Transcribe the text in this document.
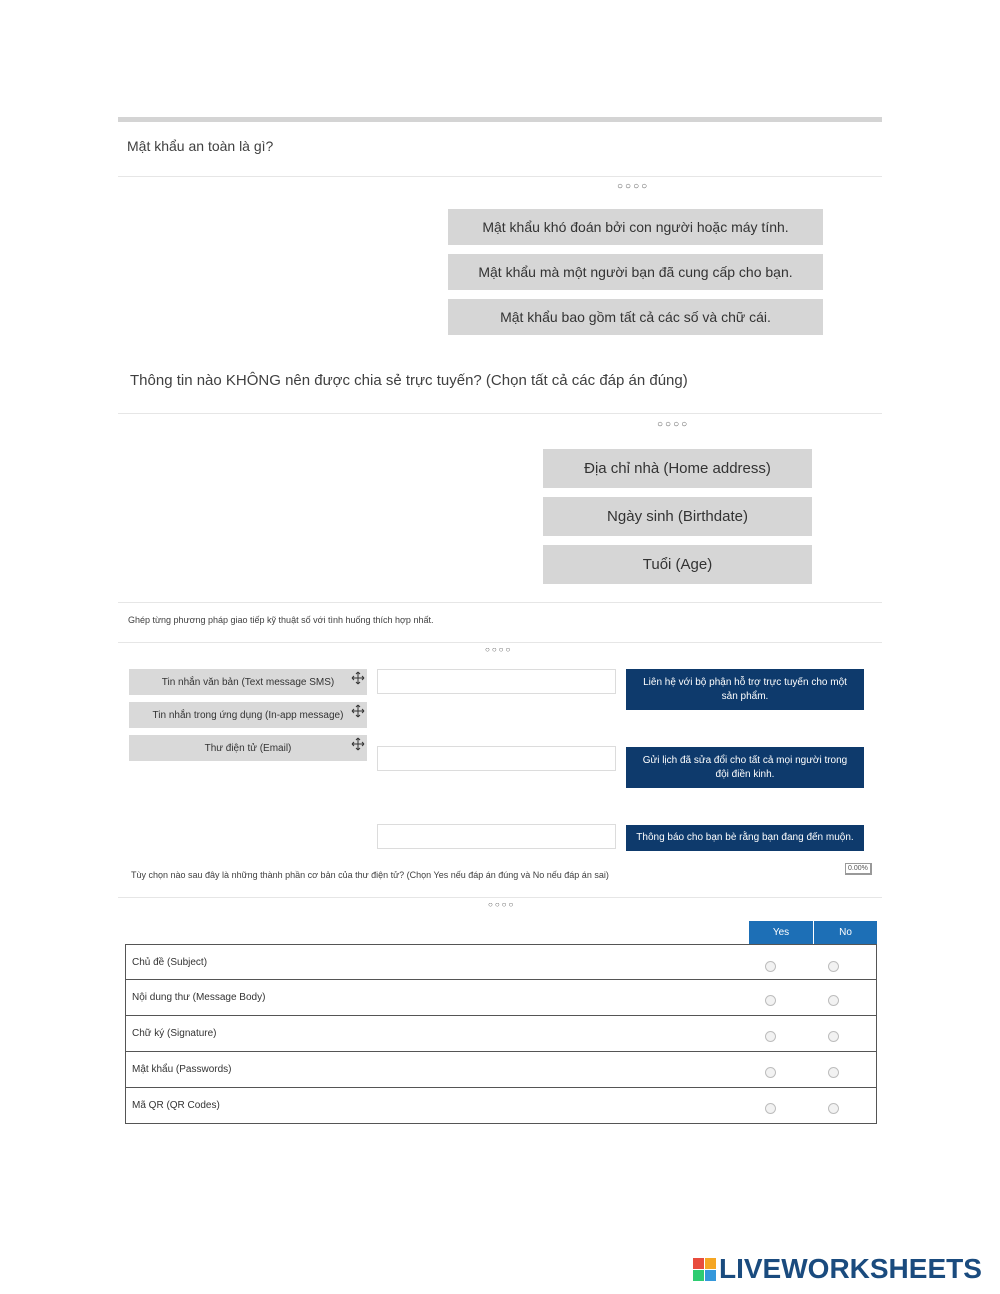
Mật khẩu an toàn là gì?
○○○○
Mật khẩu khó đoán bởi con người hoặc máy tính.
Mật khẩu mà một người bạn đã cung cấp cho bạn.
Mật khẩu bao gồm tất cả các số và chữ cái.
Thông tin nào KHÔNG nên được chia sẻ trực tuyến? (Chọn tất cả các đáp án đúng)
○○○○
Địa chỉ nhà (Home address)
Ngày sinh (Birthdate)
Tuổi (Age)
Ghép từng phương pháp giao tiếp kỹ thuật số với tình huống thích hợp nhất.
○○○○
Tin nhắn văn bản (Text message SMS)
Tin nhắn trong ứng dụng (In-app message)
Thư điện tử (Email)
Liên hệ với bộ phận hỗ trợ trực tuyến cho một sản phẩm.
Gửi lịch đã sửa đổi cho tất cả mọi người trong đội điền kinh.
Thông báo cho bạn bè rằng bạn đang đến muộn.
0.00%
Tùy chọn nào sau đây là những thành phần cơ bản của thư điện tử? (Chọn Yes nếu đáp án đúng và No nếu đáp án sai)
○○○○
Yes	No
Chủ đề (Subject)
Nội dung thư (Message Body)
Chữ ký (Signature)
Mật khẩu (Passwords)
Mã QR (QR Codes)
LIVEWORKSHEETS
